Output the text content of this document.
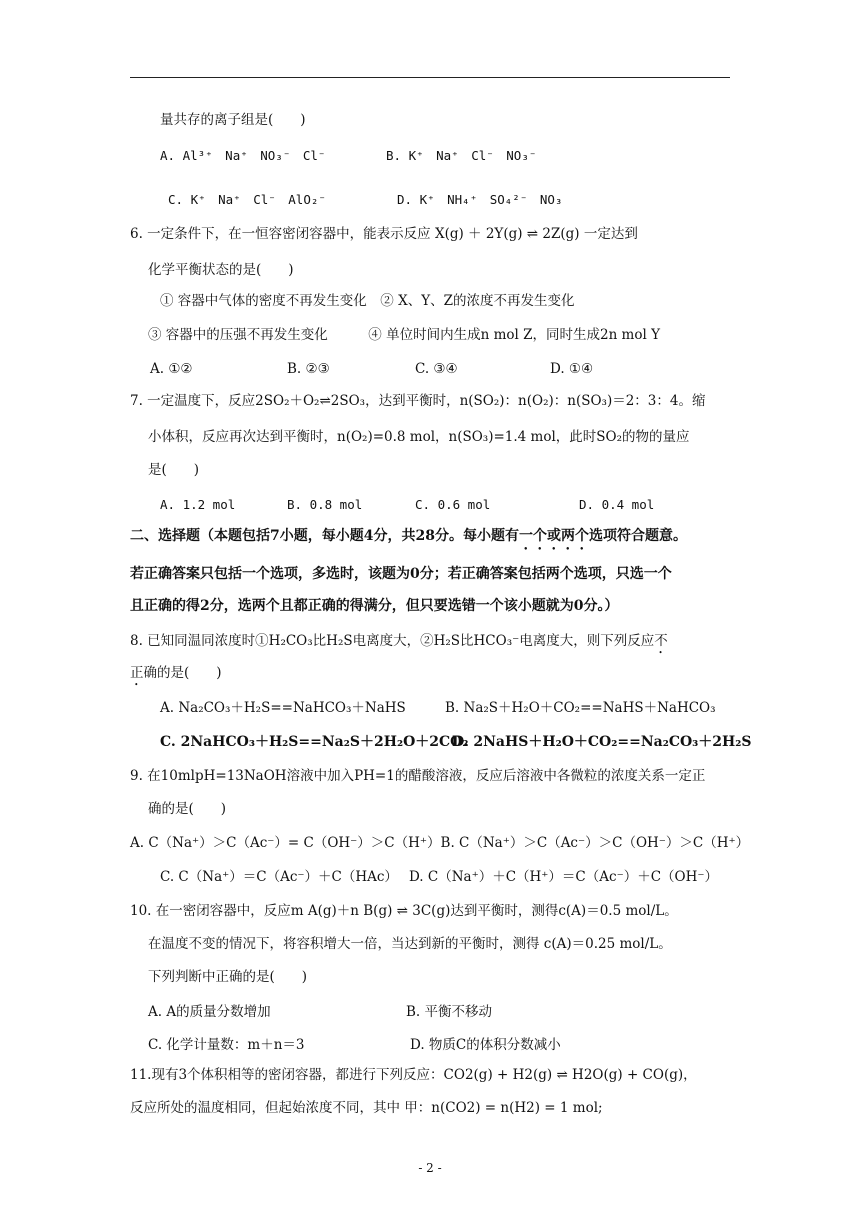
量共存的离子组是(　　)
A. Al³⁺　Na⁺　NO₃⁻　Cl⁻	B. K⁺　Na⁺　Cl⁻　NO₃⁻
C. K⁺　Na⁺　Cl⁻　AlO₂⁻	D. K⁺　NH₄⁺　SO₄²⁻　NO₃
6. 一定条件下，在一恒容密闭容器中，能表示反应 X(g) ＋ 2Y(g) ⇌ 2Z(g) 一定达到
化学平衡状态的是(　　)
① 容器中气体的密度不再发生变化　② X、Y、Z的浓度不再发生变化
③ 容器中的压强不再发生变化　　　④ 单位时间内生成n mol Z，同时生成2n mol Y
A. ①②	B. ②③	C. ③④	D. ①④
7. 一定温度下，反应2SO₂＋O₂⇌2SO₃，达到平衡时，n(SO₂)：n(O₂)：n(SO₃)＝2：3：4。缩
小体积，反应再次达到平衡时，n(O₂)=0.8 mol，n(SO₃)=1.4 mol，此时SO₂的物的量应
是(　　)
A. 1.2 mol	B. 0.8 mol	C. 0.6 mol	D. 0.4 mol
二、选择题（本题包括7小题，每小题4分，共28分。每小题有一个或两个选项符合题意。
若正确答案只包括一个选项，多选时，该题为0分；若正确答案包括两个选项，只选一个
且正确的得2分，选两个且都正确的得满分，但只要选错一个该小题就为0分。）
8. 已知同温同浓度时①H₂CO₃比H₂S电离度大，②H₂S比HCO₃⁻电离度大，则下列反应不
正确的是(　　)
A. Na₂CO₃＋H₂S==NaHCO₃＋NaHS	B. Na₂S＋H₂O＋CO₂==NaHS＋NaHCO₃
C. 2NaHCO₃＋H₂S==Na₂S＋2H₂O＋2CO₂
D. 2NaHS＋H₂O＋CO₂==Na₂CO₃＋2H₂S
9. 在10mlpH=13NaOH溶液中加入PH=1的醋酸溶液，反应后溶液中各微粒的浓度关系一定正
确的是(　　)
A. C（Na⁺）＞C（Ac⁻）= C（OH⁻）＞C（H⁺）B. C（Na⁺）＞C（Ac⁻）＞C（OH⁻）＞C（H⁺）
C. C（Na⁺）＝C（Ac⁻）＋C（HAc）　 D. C（Na⁺）＋C（H⁺）＝C（Ac⁻）＋C（OH⁻）
10. 在一密闭容器中，反应m A(g)＋n B(g) ⇌ 3C(g)达到平衡时，测得c(A)＝0.5 mol/L。
在温度不变的情况下，将容积增大一倍，当达到新的平衡时，测得 c(A)＝0.25 mol/L。
下列判断中正确的是(　　)
A. A的质量分数增加	B. 平衡不移动
C. 化学计量数：m＋n＝3	D. 物质C的体积分数减小
11.现有3个体积相等的密闭容器，都进行下列反应：CO2(g) + H2(g) ⇌ H2O(g) + CO(g)，
反应所处的温度相同，但起始浓度不同，其中 甲：n(CO2) = n(H2) = 1 mol;
- 2 -
